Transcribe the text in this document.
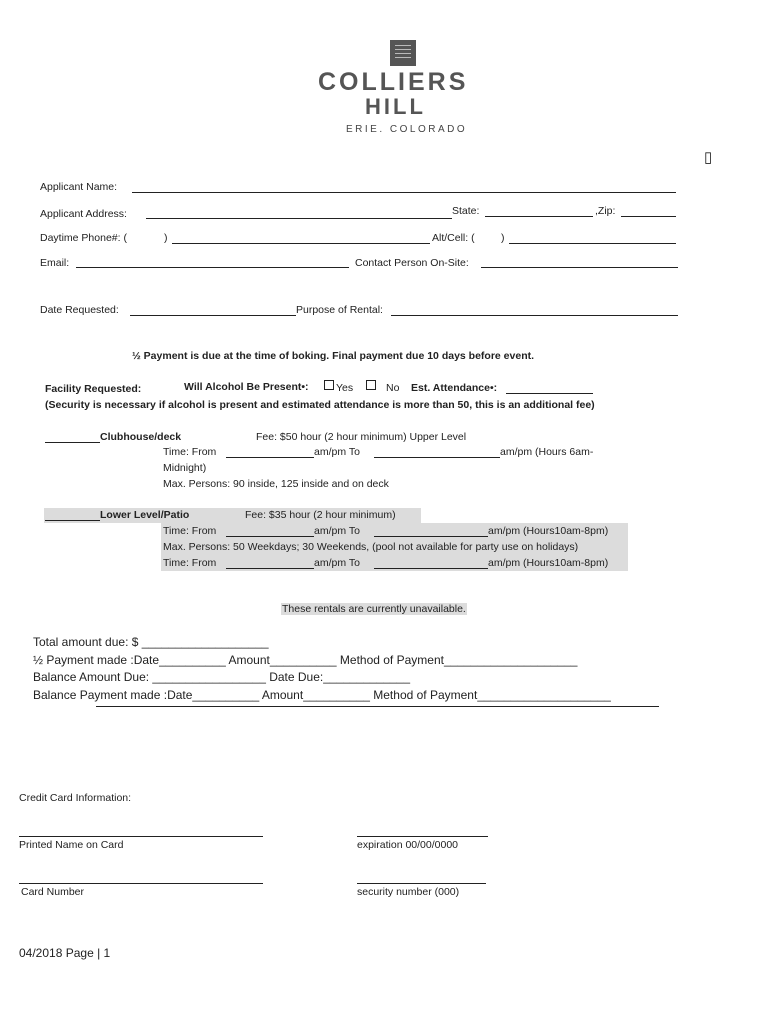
COLLIERS
HILL
ERIE. COLORADO
▯
Applicant Name:
Applicant Address:	State:	,Zip:
Daytime Phone#: (	)	Alt/Cell: (	)
Email:	Contact Person On-Site:
Date Requested:	Purpose of Rental:
½ Payment is due at the time of boking. Final payment due 10 days before event.
Facility Requested:	Will Alcohol Be Present•:	Yes	No Est. Attendance•:
(Security is necessary if alcohol is present and estimated attendance is more than 50, this is an additional fee)
Clubhouse/deck	Fee: $50 hour (2 hour minimum) Upper Level
Time: From	am/pm To	am/pm (Hours 6am-
Midnight)
Max. Persons: 90 inside, 125 inside and on deck
Lower Level/Patio	Fee: $35 hour (2 hour minimum)
Time: From	am/pm To	am/pm (Hours10am-8pm)
Max. Persons: 50 Weekdays; 30 Weekends, (pool not available for party use on holidays)
Time: From	am/pm To	am/pm (Hours10am-8pm)
These rentals are currently unavailable.
Total amount due: $ ___________________
½ Payment made :Date__________ Amount__________ Method of Payment____________________
Balance Amount Due: _________________ Date Due:_____________
Balance Payment made :Date__________ Amount__________ Method of Payment____________________
Credit Card Information:
Printed Name on Card	expiration 00/00/0000
Card Number	security number (000)
04/2018 Page | 1
